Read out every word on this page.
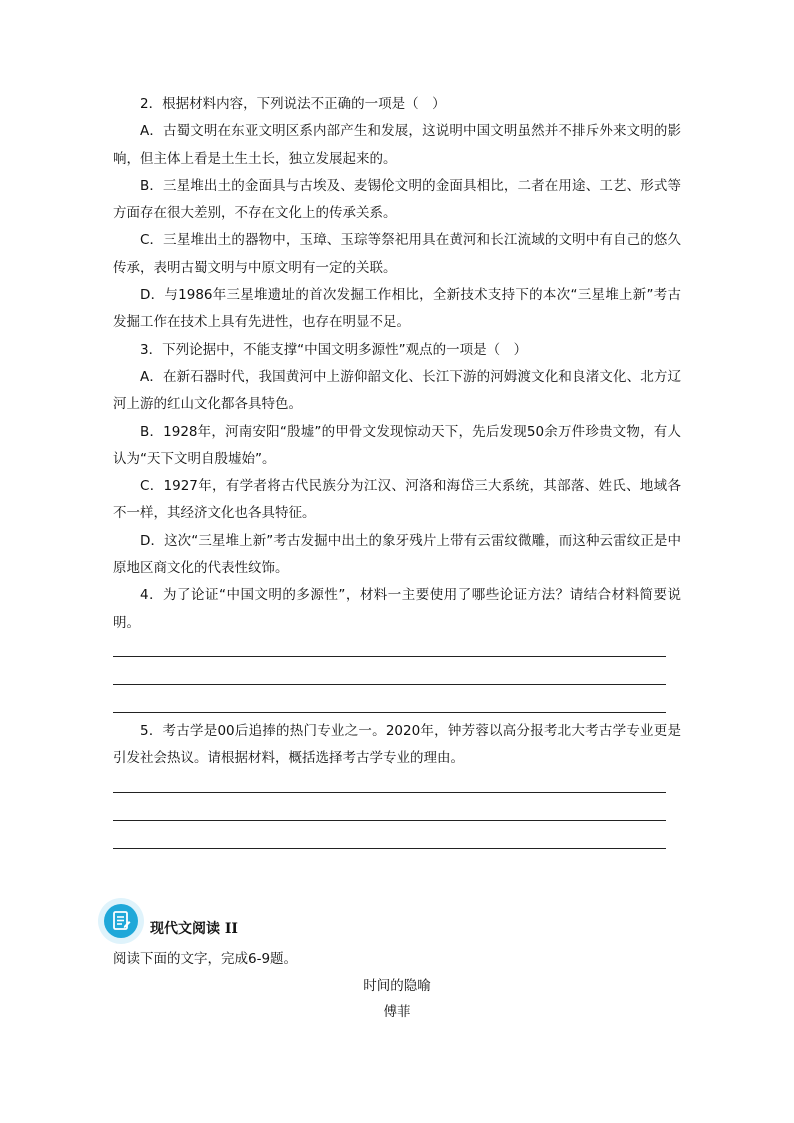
2．根据材料内容，下列说法不正确的一项是（　）

A．古蜀文明在东亚文明区系内部产生和发展，这说明中国文明虽然并不排斥外来文明的影响，但主体上看是土生土长，独立发展起来的。

B．三星堆出土的金面具与古埃及、麦锡伦文明的金面具相比，二者在用途、工艺、形式等方面存在很大差别，不存在文化上的传承关系。

C．三星堆出土的器物中，玉璋、玉琮等祭祀用具在黄河和长江流域的文明中有自己的悠久传承，表明古蜀文明与中原文明有一定的关联。

D．与1986年三星堆遗址的首次发掘工作相比，全新技术支持下的本次“三星堆上新”考古发掘工作在技术上具有先进性，也存在明显不足。

3．下列论据中，不能支撑“中国文明多源性”观点的一项是（　）

A．在新石器时代，我国黄河中上游仰韶文化、长江下游的河姆渡文化和良渚文化、北方辽河上游的红山文化都各具特色。

B．1928年，河南安阳“殷墟”的甲骨文发现惊动天下，先后发现50余万件珍贵文物，有人认为“天下文明自殷墟始”。

C．1927年，有学者将古代民族分为江汉、河洛和海岱三大系统，其部落、姓氏、地域各不一样，其经济文化也各具特征。

D．这次“三星堆上新”考古发掘中出土的象牙残片上带有云雷纹微雕，而这种云雷纹正是中原地区商文化的代表性纹饰。

4．为了论证“中国文明的多源性”，材料一主要使用了哪些论证方法？请结合材料简要说明。

5．考古学是00后追捧的热门专业之一。2020年，钟芳蓉以高分报考北大考古学专业更是引发社会热议。请根据材料，概括选择考古学专业的理由。

现代文阅读 II
阅读下面的文字，完成6-9题。
时间的隐喻
傅菲
